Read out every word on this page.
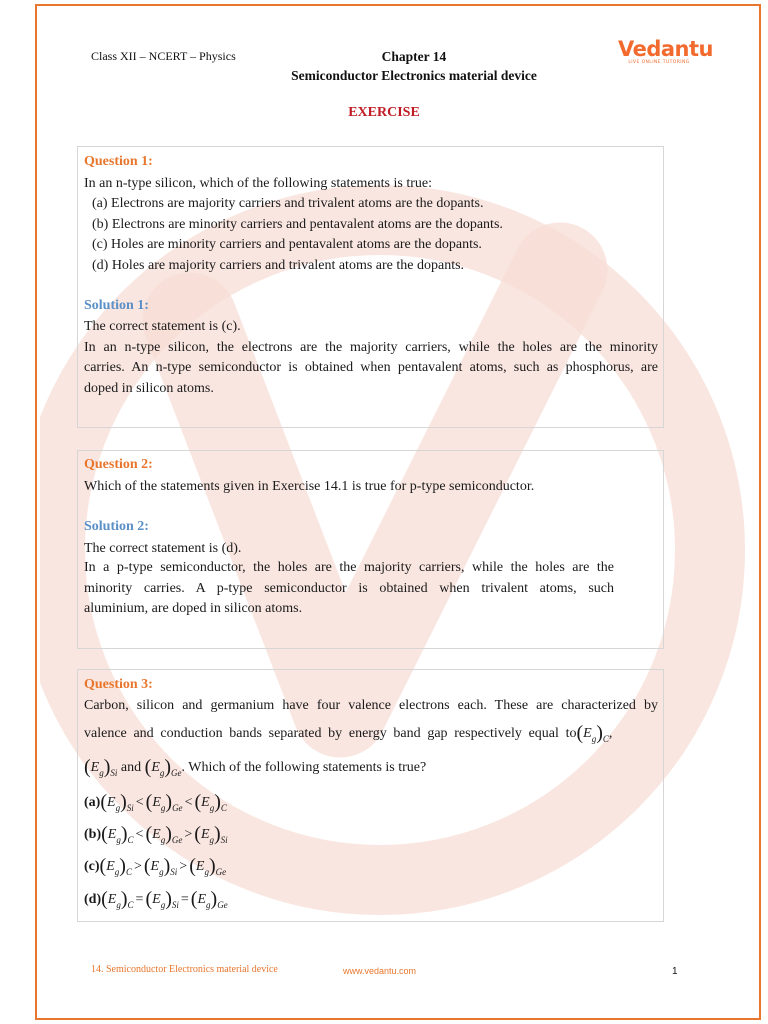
Class XII – NCERT – Physics	Chapter 14
Semiconductor Electronics material device
Vedantu
LIVE ONLINE TUTORING
EXERCISE
Question 1:
In an n-type silicon, which of the following statements is true:
(a) Electrons are majority carriers and trivalent atoms are the dopants.
(b) Electrons are minority carriers and pentavalent atoms are the dopants.
(c) Holes are minority carriers and pentavalent atoms are the dopants.
(d) Holes are majority carriers and trivalent atoms are the dopants.
Solution 1:
The correct statement is (c).
In an n-type silicon, the electrons are the majority carriers, while the holes are the minority
carries. An n-type semiconductor is obtained when pentavalent atoms, such as phosphorus, are
doped in silicon atoms.
Question 2:
Which of the statements given in Exercise 14.1 is true for p-type semiconductor.
Solution 2:
The correct statement is (d).
In a p-type semiconductor, the holes are the majority carriers, while the holes are the
minority carries. A p-type semiconductor is obtained when trivalent atoms, such
aluminium, are doped in silicon atoms.
Question 3:
Carbon, silicon and germanium have four valence electrons each. These are characterized by
valence and conduction bands separated by energy band gap respectively equal $to(E_g)_C$,
$(E_g)_{Si}$ and $(E_g)_{Ge}$. Which of the following statements is true?
$(a)(E_g)_{Si} < (E_g)_{Ge} < (E_g)_C$
$(b)(E_g)_C < (E_g)_{Ge} > (E_g)_{Si}$
$(c)(E_g)_C > (E_g)_{Si} > (E_g)_{Ge}$
$(d)(E_g)_C = (E_g)_{Si} = (E_g)_{Ge}$
14. Semiconductor Electronics material device	www.vedantu.com	1
